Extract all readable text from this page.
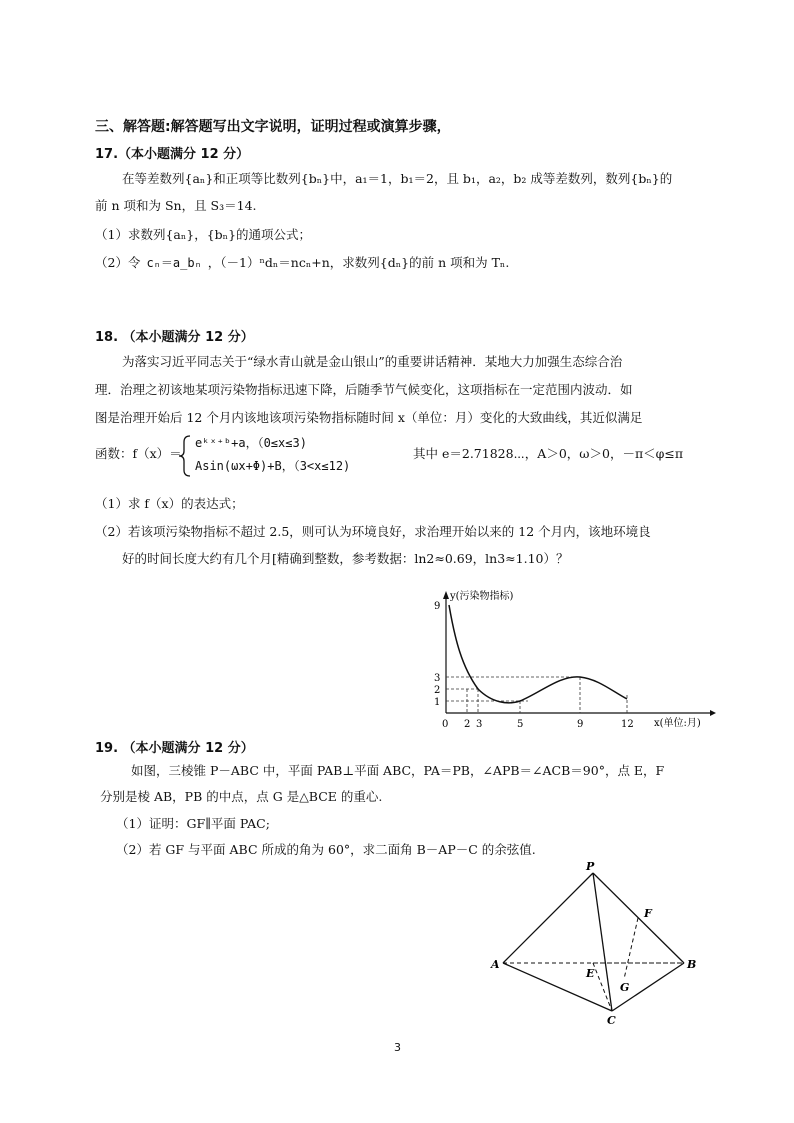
三、解答题:解答题写出文字说明，证明过程或演算步骤，
17.（本小题满分 12 分）
在等差数列{aₙ}和正项等比数列{bₙ}中，a₁＝1，b₁＝2，且 b₁，a₂，b₂ 成等差数列，数列{bₙ}的
前 n 项和为 Sn，且 S₃＝14.
（1）求数列{aₙ}，{bₙ}的通项公式；
（2）令 cₙ＝a_bₙ ，（－1）ⁿdₙ＝ncₙ+n，求数列{dₙ}的前 n 项和为 Tₙ.
18. （本小题满分 12 分）
为落实习近平同志关于“绿水青山就是金山银山”的重要讲话精神．某地大力加强生态综合治
理．治理之初该地某项污染物指标迅速下降，后随季节气候变化，这项指标在一定范围内波动．如
图是治理开始后 12 个月内该地该项污染物指标随时间 x（单位：月）变化的大致曲线，其近似满足
函数：f（x）＝
eᵏˣ⁺ᵇ+a，（0≤x≤3)
Asin(ωx+Φ)+B，（3<x≤12)
其中 e＝2.71828⋯，A＞0，ω＞0，－π＜φ≤π
（1）求 f（x）的表达式；
（2）若该项污染物指标不超过 2.5，则可认为环境良好，求治理开始以来的 12 个月内，该地环境良
好的时间长度大约有几个月[精确到整数，参考数据：ln2≈0.69，ln3≈1.10）？
y(污染物指标)
x(单位:月)
9
3
2
1
0 2 3	5	9	12
19. （本小题满分 12 分）
如图，三棱锥 P－ABC 中，平面 PAB⊥平面 ABC，PA＝PB，∠APB＝∠ACB＝90°，点 E，F
分别是棱 AB，PB 的中点，点 G 是△BCE 的重心.
（1）证明：GF∥平面 PAC;
（2）若 GF 与平面 ABC 所成的角为 60°，求二面角 B－AP－C 的余弦值.
P
A	B
C
E
F
G
3
